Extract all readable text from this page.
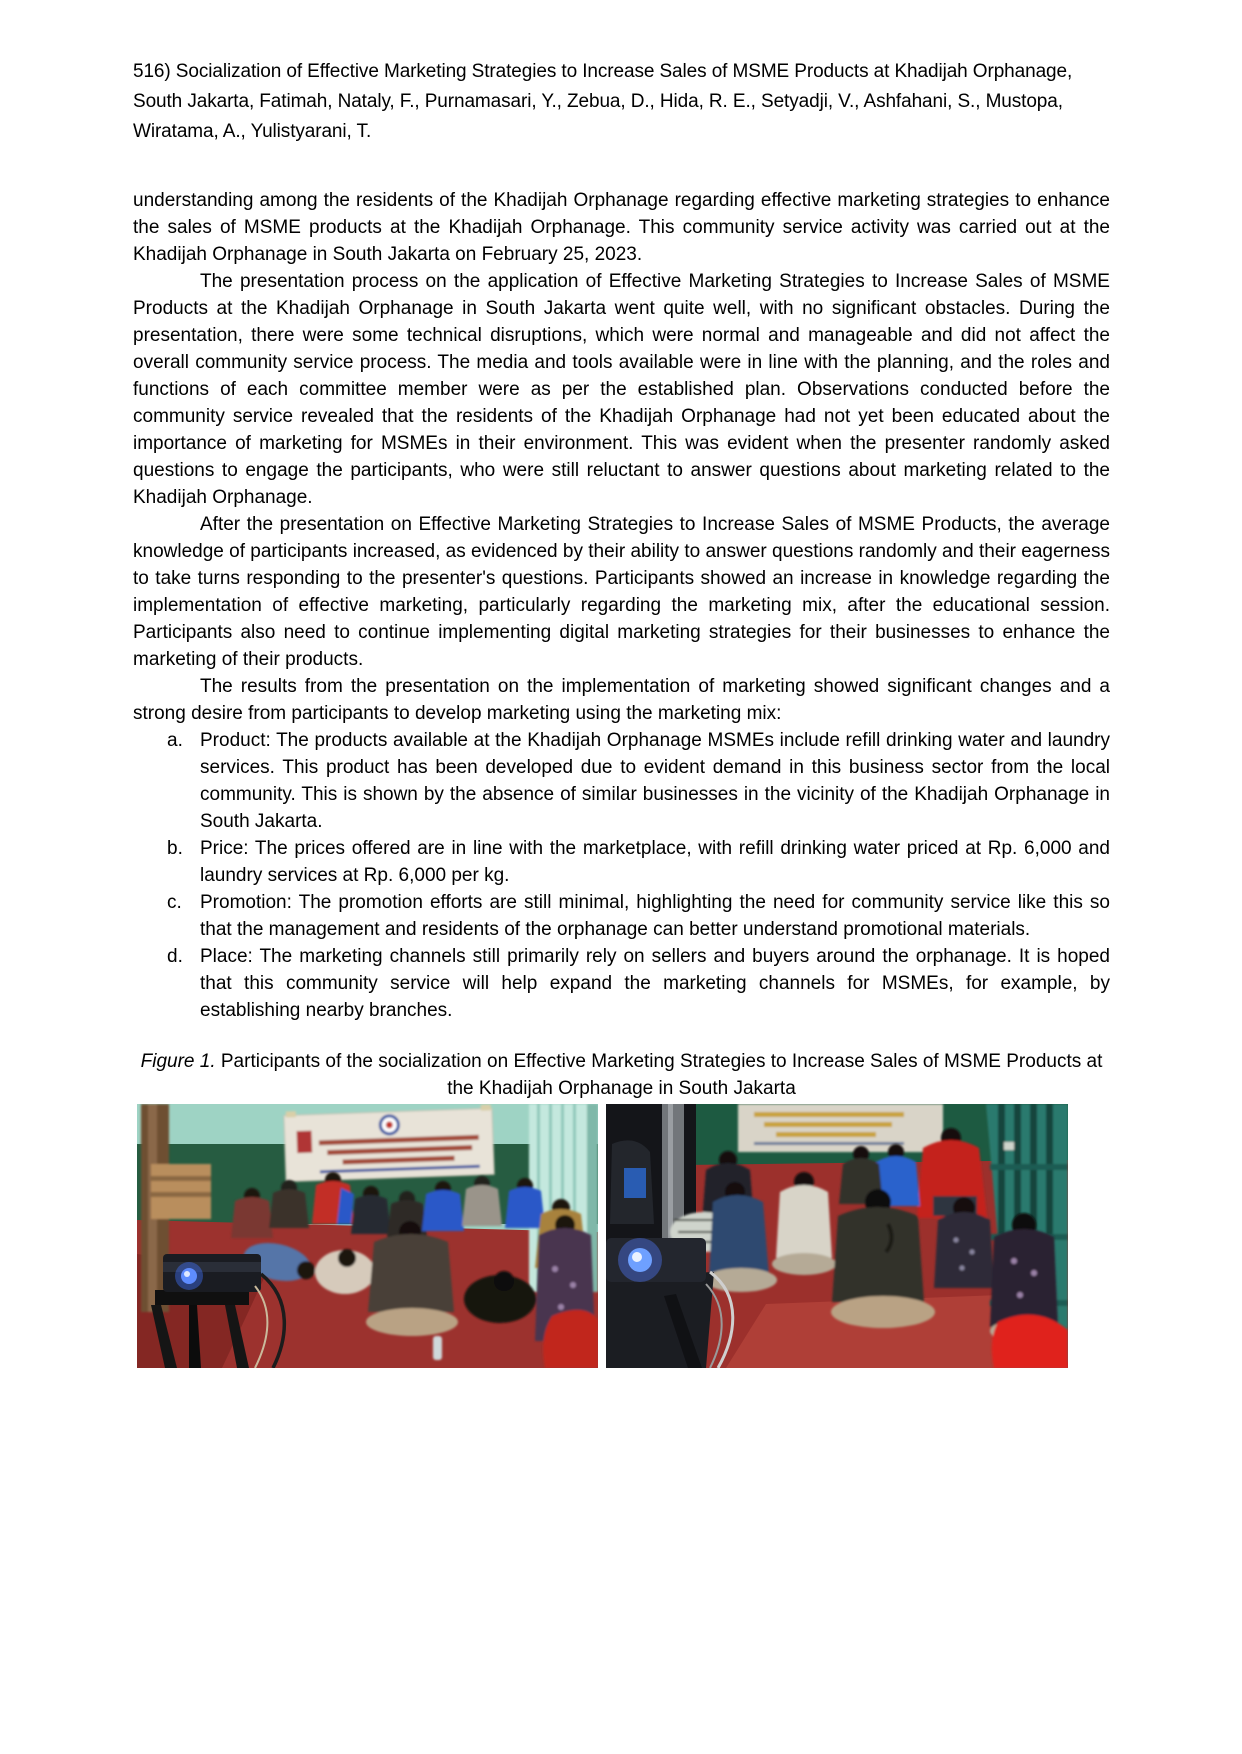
516) Socialization of Effective Marketing Strategies to Increase Sales of MSME Products at Khadijah Orphanage, South Jakarta, Fatimah, Nataly, F., Purnamasari, Y., Zebua, D., Hida, R. E., Setyadji, V., Ashfahani, S., Mustopa, Wiratama, A., Yulistyarani, T.

understanding among the residents of the Khadijah Orphanage regarding effective marketing strategies to enhance the sales of MSME products at the Khadijah Orphanage. This community service activity was carried out at the Khadijah Orphanage in South Jakarta on February 25, 2023.

The presentation process on the application of Effective Marketing Strategies to Increase Sales of MSME Products at the Khadijah Orphanage in South Jakarta went quite well, with no significant obstacles. During the presentation, there were some technical disruptions, which were normal and manageable and did not affect the overall community service process. The media and tools available were in line with the planning, and the roles and functions of each committee member were as per the established plan. Observations conducted before the community service revealed that the residents of the Khadijah Orphanage had not yet been educated about the importance of marketing for MSMEs in their environment. This was evident when the presenter randomly asked questions to engage the participants, who were still reluctant to answer questions about marketing related to the Khadijah Orphanage.

After the presentation on Effective Marketing Strategies to Increase Sales of MSME Products, the average knowledge of participants increased, as evidenced by their ability to answer questions randomly and their eagerness to take turns responding to the presenter's questions. Participants showed an increase in knowledge regarding the implementation of effective marketing, particularly regarding the marketing mix, after the educational session. Participants also need to continue implementing digital marketing strategies for their businesses to enhance the marketing of their products.

The results from the presentation on the implementation of marketing showed significant changes and a strong desire from participants to develop marketing using the marketing mix:

a. Product: The products available at the Khadijah Orphanage MSMEs include refill drinking water and laundry services. This product has been developed due to evident demand in this business sector from the local community. This is shown by the absence of similar businesses in the vicinity of the Khadijah Orphanage in South Jakarta.
b. Price: The prices offered are in line with the marketplace, with refill drinking water priced at Rp. 6,000 and laundry services at Rp. 6,000 per kg.
c. Promotion: The promotion efforts are still minimal, highlighting the need for community service like this so that the management and residents of the orphanage can better understand promotional materials.
d. Place: The marketing channels still primarily rely on sellers and buyers around the orphanage. It is hoped that this community service will help expand the marketing channels for MSMEs, for example, by establishing nearby branches.
Figure 1. Participants of the socialization on Effective Marketing Strategies to Increase Sales of MSME Products at the Khadijah Orphanage in South Jakarta
